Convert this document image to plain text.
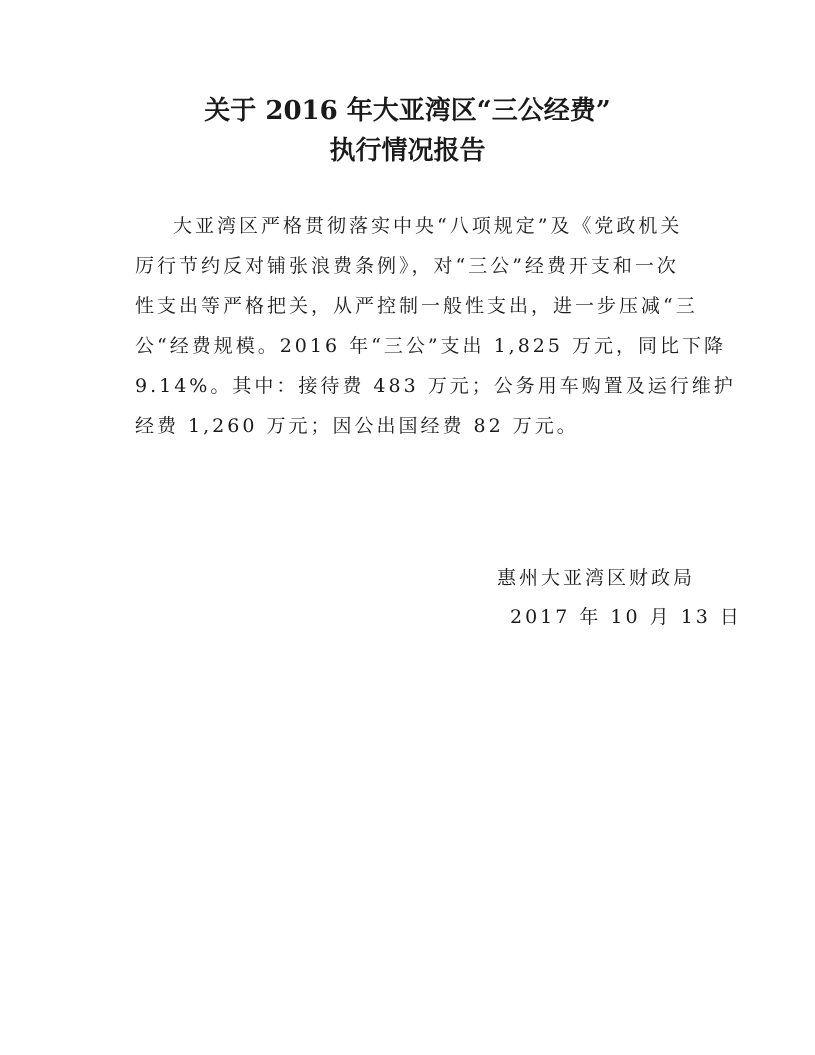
关于 2016 年大亚湾区“三公经费”
执行情况报告
大亚湾区严格贯彻落实中央“八项规定”及《党政机关
厉行节约反对铺张浪费条例》，对“三公”经费开支和一次
性支出等严格把关，从严控制一般性支出，进一步压减“三
公“经费规模。2016 年“三公”支出 1,825 万元，同比下降
9.14%。其中：接待费 483 万元；公务用车购置及运行维护
经费 1,260 万元；因公出国经费 82 万元。

惠州大亚湾区财政局

2017 年 10 月 13 日
